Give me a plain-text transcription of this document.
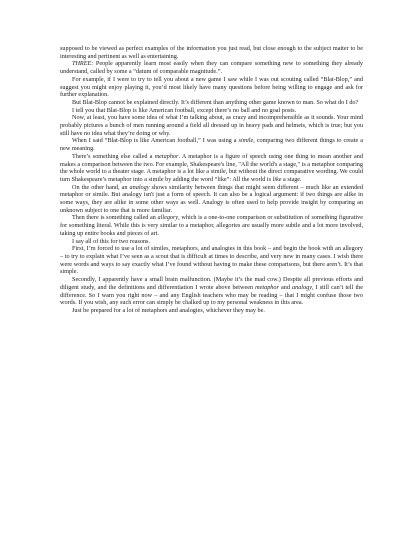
supposed to be viewed as perfect examples of the information you just read, but close enough to the subject matter to be interesting and pertinent as well as entertaining.

THREE: People apparently learn most easily when they can compare something new to something they already understand, called by some a “datum of comparable magnitude.”.

For example, if I were to try to tell you about a new game I saw while I was out scouting called “Blat-Blop,” and suggest you might enjoy playing it, you’d most likely have many questions before being willing to engage and ask for further explanation.

But Blat-Blop cannot be explained directly. It’s different than anything other game known to man. So what do I do?

I tell you that Blat-Blop is like American football, except there’s no ball and no goal posts.

Now, at least, you have some idea of what I’m talking about, as crazy and incomprehensible as it sounds. Your mind probably pictures a bunch of men running around a field all dressed up in heavy pads and helmets, which is true; but you still have no idea what they’re doing or why.

When I said “Blat-Blop is like American football,” I was using a simile, comparing two different things to create a new meaning.

There’s something else called a metaphor. A metaphor is a figure of speech using one thing to mean another and makes a comparison between the two. For example, Shakespeare's line, "All the world's a stage," is a metaphor comparing the whole world to a theater stage. A metaphor is a lot like a simile, but without the direct comparative wording. We could turn Shakespeare’s metaphor into a simile by adding the word “like”: All the world is like a stage.

On the other hand, an analogy shows similarity between things that might seem different – much like an extended metaphor or simile. But analogy isn't just a form of speech. It can also be a logical argument: if two things are alike in some ways, they are alike in some other ways as well. Analogy is often used to help provide insight by comparing an unknown subject to one that is more familiar.

Then there is something called an allegory, which is a one-to-one comparison or substitution of something figurative for something literal. While this is very similar to a metaphor, allegories are usually more subtle and a lot more involved, taking up entire books and pieces of art.

I say all of this for two reasons.

First, I’m forced to use a lot of similes, metaphors, and analogies in this book – and begin the book with an allegory – to try to explain what I’ve seen as a scout that is difficult at times to describe, and very new in many cases. I wish there were words and ways to say exactly what I’ve found without having to make these comparisons, but there aren’t. It’s that simple.

Secondly, I apparently have a small brain malfunction. (Maybe it’s the mad cow.) Despite all previous efforts and diligent study, and the definitions and differentiation I wrote above between metaphor and analogy, I still can’t tell the difference. So I warn you right now – and any English teachers who may be reading – that I might confuse those two words. If you wish, any such error can simply be chalked up to my personal weakness in this area.

Just be prepared for a lot of metaphors and analogies, whichever they may be.
